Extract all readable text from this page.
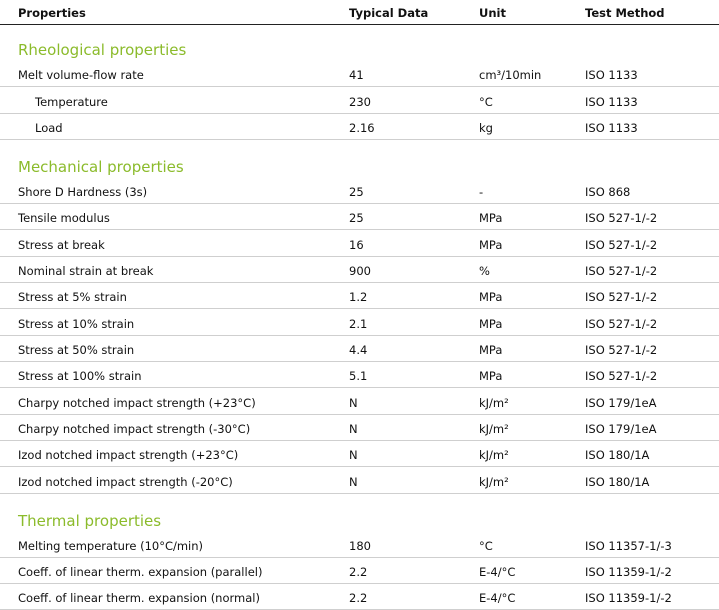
Properties	Typical Data	Unit	Test Method
Rheological properties
Melt volume-flow rate	41	cm³/10min	ISO 1133
Temperature	230	°C	ISO 1133
Load	2.16	kg	ISO 1133
Mechanical properties
Shore D Hardness (3s)	25	-	ISO 868
Tensile modulus	25	MPa	ISO 527-1/-2
Stress at break	16	MPa	ISO 527-1/-2
Nominal strain at break	900	%	ISO 527-1/-2
Stress at 5% strain	1.2	MPa	ISO 527-1/-2
Stress at 10% strain	2.1	MPa	ISO 527-1/-2
Stress at 50% strain	4.4	MPa	ISO 527-1/-2
Stress at 100% strain	5.1	MPa	ISO 527-1/-2
Charpy notched impact strength (+23°C)	N	kJ/m²	ISO 179/1eA
Charpy notched impact strength (-30°C)	N	kJ/m²	ISO 179/1eA
Izod notched impact strength (+23°C)	N	kJ/m²	ISO 180/1A
Izod notched impact strength (-20°C)	N	kJ/m²	ISO 180/1A
Thermal properties
Melting temperature (10°C/min)	180	°C	ISO 11357-1/-3
Coeff. of linear therm. expansion (parallel)	2.2	E-4/°C	ISO 11359-1/-2
Coeff. of linear therm. expansion (normal)	2.2	E-4/°C	ISO 11359-1/-2
